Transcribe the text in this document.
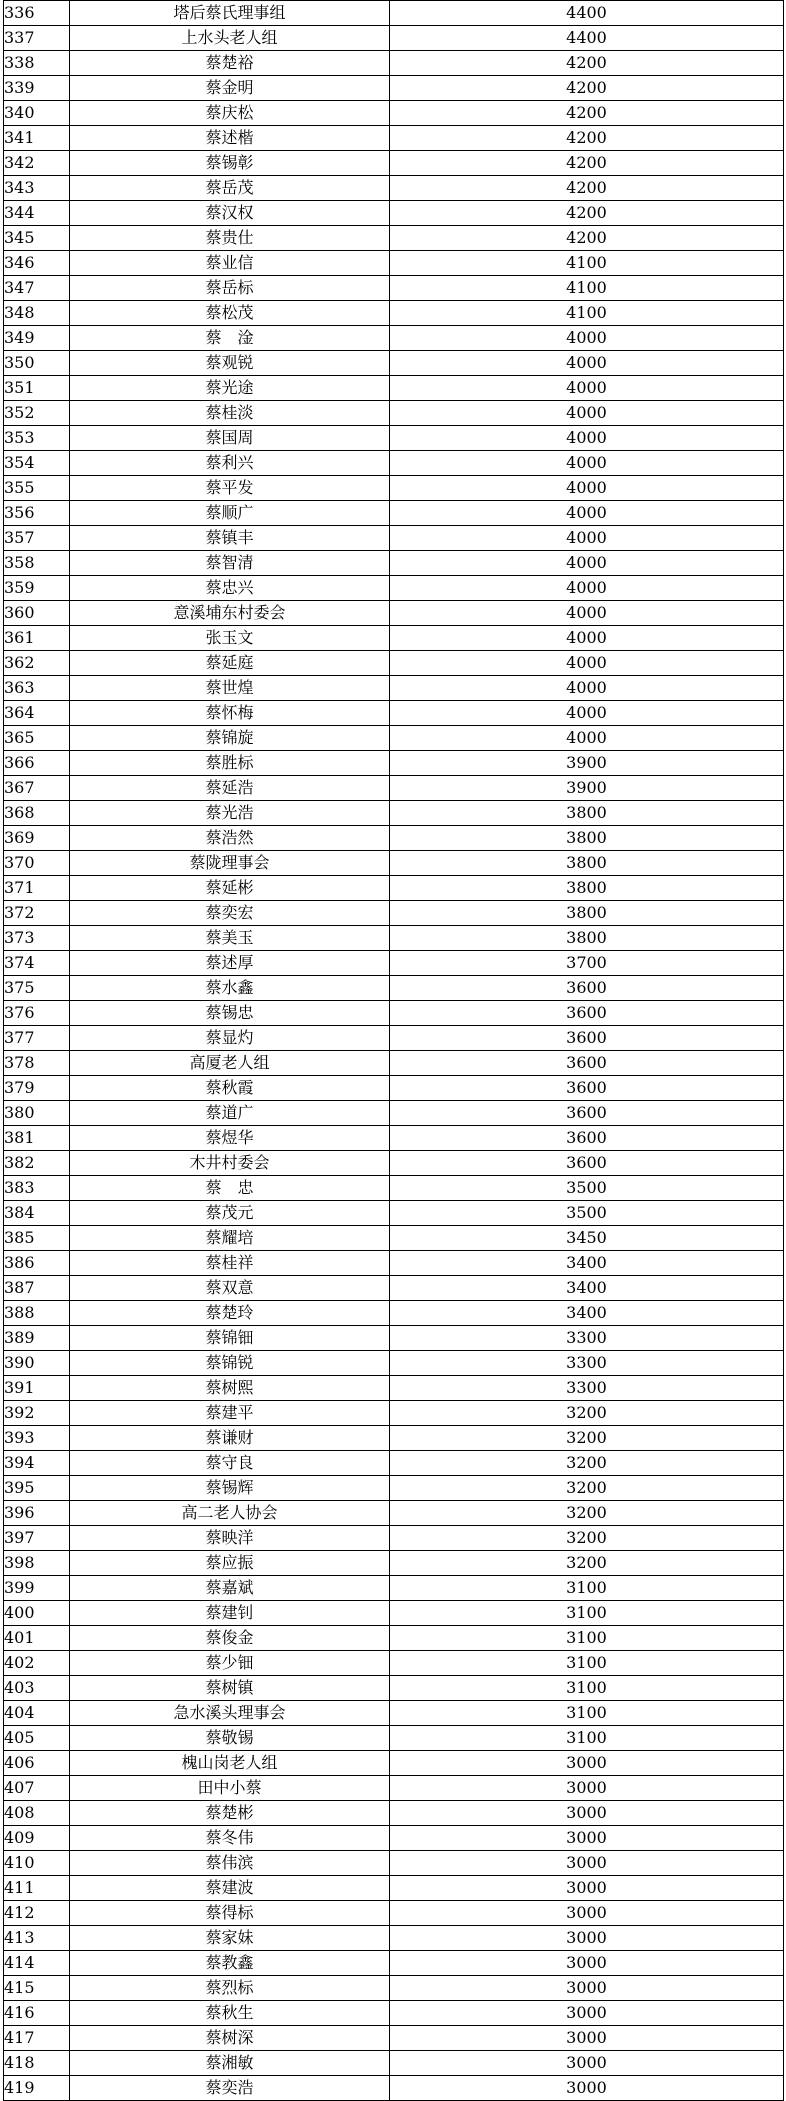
336	塔后蔡氏理事组	4400
337	上水头老人组	4400
338	蔡楚裕	4200
339	蔡金明	4200
340	蔡庆松	4200
341	蔡述楷	4200
342	蔡锡彰	4200
343	蔡岳茂	4200
344	蔡汉权	4200
345	蔡贵仕	4200
346	蔡业信	4100
347	蔡岳标	4100
348	蔡松茂	4100
349	蔡　淦	4000
350	蔡观锐	4000
351	蔡光途	4000
352	蔡桂淡	4000
353	蔡国周	4000
354	蔡利兴	4000
355	蔡平发	4000
356	蔡顺广	4000
357	蔡镇丰	4000
358	蔡智清	4000
359	蔡忠兴	4000
360	意溪埔东村委会	4000
361	张玉文	4000
362	蔡延庭	4000
363	蔡世煌	4000
364	蔡怀梅	4000
365	蔡锦旋	4000
366	蔡胜标	3900
367	蔡延浩	3900
368	蔡光浩	3800
369	蔡浩然	3800
370	蔡陇理事会	3800
371	蔡延彬	3800
372	蔡奕宏	3800
373	蔡美玉	3800
374	蔡述厚	3700
375	蔡水鑫	3600
376	蔡锡忠	3600
377	蔡显灼	3600
378	高厦老人组	3600
379	蔡秋霞	3600
380	蔡道广	3600
381	蔡煜华	3600
382	木井村委会	3600
383	蔡　忠	3500
384	蔡茂元	3500
385	蔡耀培	3450
386	蔡桂祥	3400
387	蔡双意	3400
388	蔡楚玲	3400
389	蔡锦钿	3300
390	蔡锦锐	3300
391	蔡树熙	3300
392	蔡建平	3200
393	蔡谦财	3200
394	蔡守良	3200
395	蔡锡辉	3200
396	高二老人协会	3200
397	蔡映洋	3200
398	蔡应振	3200
399	蔡嘉斌	3100
400	蔡建钊	3100
401	蔡俊金	3100
402	蔡少钿	3100
403	蔡树镇	3100
404	急水溪头理事会	3100
405	蔡敬锡	3100
406	槐山岗老人组	3000
407	田中小蔡	3000
408	蔡楚彬	3000
409	蔡冬伟	3000
410	蔡伟滨	3000
411	蔡建波	3000
412	蔡得标	3000
413	蔡家妹	3000
414	蔡教鑫	3000
415	蔡烈标	3000
416	蔡秋生	3000
417	蔡树深	3000
418	蔡湘敏	3000
419	蔡奕浩	3000
